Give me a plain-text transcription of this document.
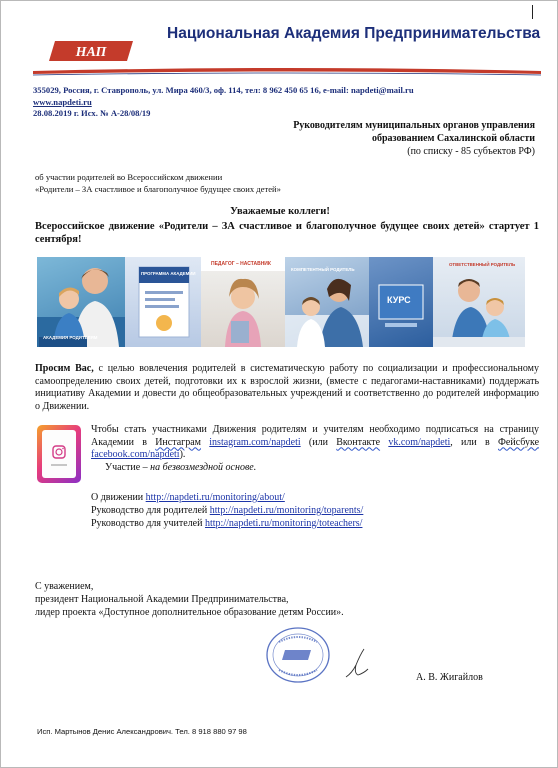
НАП
Национальная Академия Предпринимательства
355029, Россия, г. Ставрополь, ул. Мира 460/3, оф. 114, тел: 8 962 450 65 16, e-mail: napdeti@mail.ru
www.napdeti.ru
28.08.2019 г. Исх. № А-28/08/19
Руководителям муниципальных органов управления
образованием Сахалинской области
(по списку - 85 субъектов РФ)
об участии родителей во Всероссийском движении
«Родители – ЗА счастливое и благополучное будущее своих детей»
Уважаемые коллеги!
Всероссийское движение «Родители – ЗА счастливое и благополучное будущее своих детей» стартует 1 сентября!
АКАДЕМИЯ РОДИТЕЛЯМ
ПРОГРАММА АКАДЕМИИ
ПЕДАГОГ – НАСТАВНИК
КОМПЕТЕНТНЫЙ РОДИТЕЛЬ
КУРС
ОТВЕТСТВЕННЫЙ РОДИТЕЛЬ
Просим Вас, с целью вовлечения родителей в систематическую работу по социализации и профессиональному самоопределению своих детей, подготовки их к взрослой жизни, (вместе с педагогами-наставниками) поддержать инициативу Академии и довести до общеобразовательных учреждений и соответственно до родителей информацию о Движении.
Чтобы стать участниками Движения родителям и учителям необходимо подписаться на страницу Академии в Инстаграм instagram.com/napdeti (или Вконтакте vk.com/napdeti, или в Фейсбуке facebook.com/napdeti).
Участие – на безвозмездной основе.
О движении http://napdeti.ru/monitoring/about/
Руководство для родителей http://napdeti.ru/monitoring/toparents/
Руководство для учителей http://napdeti.ru/monitoring/toteachers/
С уважением,
президент Национальной Академии Предпринимательства,
лидер проекта «Доступное дополнительное образование детям России».
А. В. Жигайлов
Исп. Мартынов Денис Александрович. Тел. 8 918 880 97 98
